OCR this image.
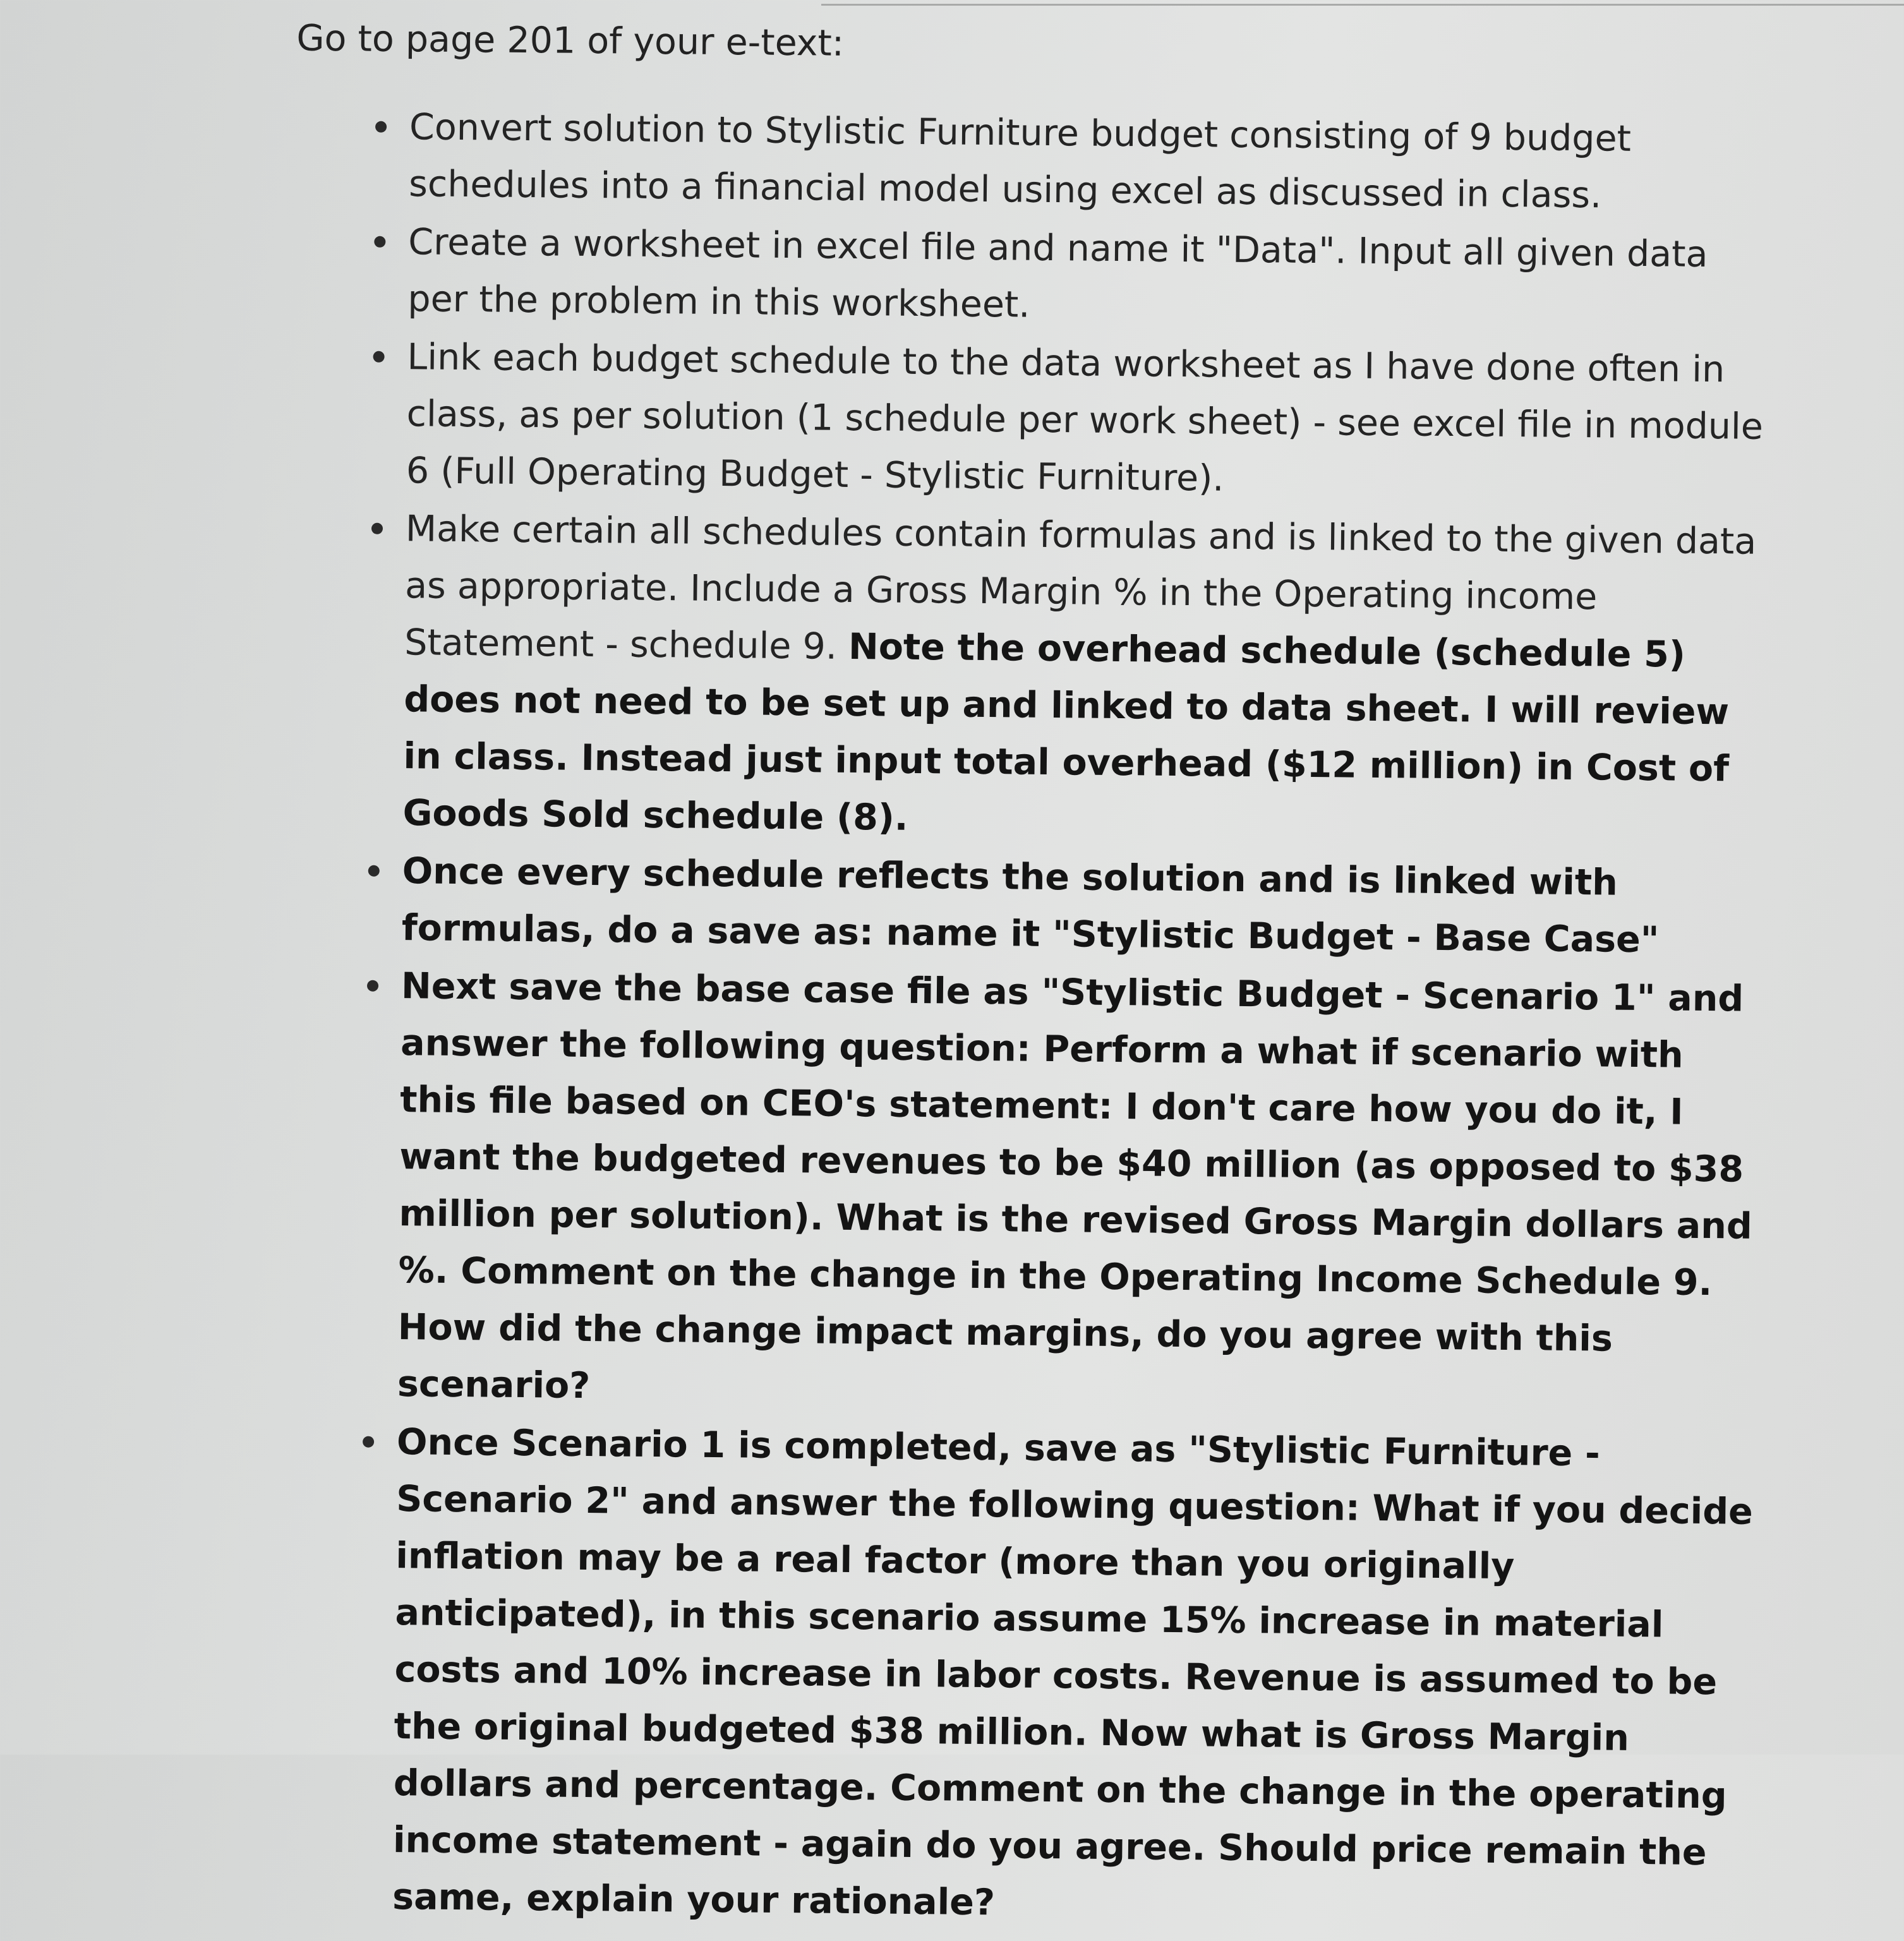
Go to page 201 of your e-text:

Convert solution to Stylistic Furniture budget consisting of 9 budget schedules into a financial model using excel as discussed in class.
Create a worksheet in excel file and name it "Data". Input all given data per the problem in this worksheet.
Link each budget schedule to the data worksheet as I have done often in class, as per solution (1 schedule per work sheet) - see excel file in module 6 (Full Operating Budget - Stylistic Furniture).
Make certain all schedules contain formulas and is linked to the given data as appropriate. Include a Gross Margin % in the Operating income Statement - schedule 9. Note the overhead schedule (schedule 5) does not need to be set up and linked to data sheet. I will review in class. Instead just input total overhead ($12 million) in Cost of Goods Sold schedule (8).
Once every schedule reflects the solution and is linked with formulas, do a save as: name it "Stylistic Budget - Base Case"
Next save the base case file as "Stylistic Budget - Scenario 1" and answer the following question: Perform a what if scenario with this file based on CEO's statement: I don't care how you do it, I want the budgeted revenues to be $40 million (as opposed to $38 million per solution). What is the revised Gross Margin dollars and %. Comment on the change in the Operating Income Schedule 9. How did the change impact margins, do you agree with this scenario?
Once Scenario 1 is completed, save as "Stylistic Furniture - Scenario 2" and answer the following question: What if you decide inflation may be a real factor (more than you originally anticipated), in this scenario assume 15% increase in material costs and 10% increase in labor costs. Revenue is assumed to be the original budgeted $38 million. Now what is Gross Margin dollars and percentage. Comment on the change in the operating income statement - again do you agree. Should price remain the same, explain your rationale?
